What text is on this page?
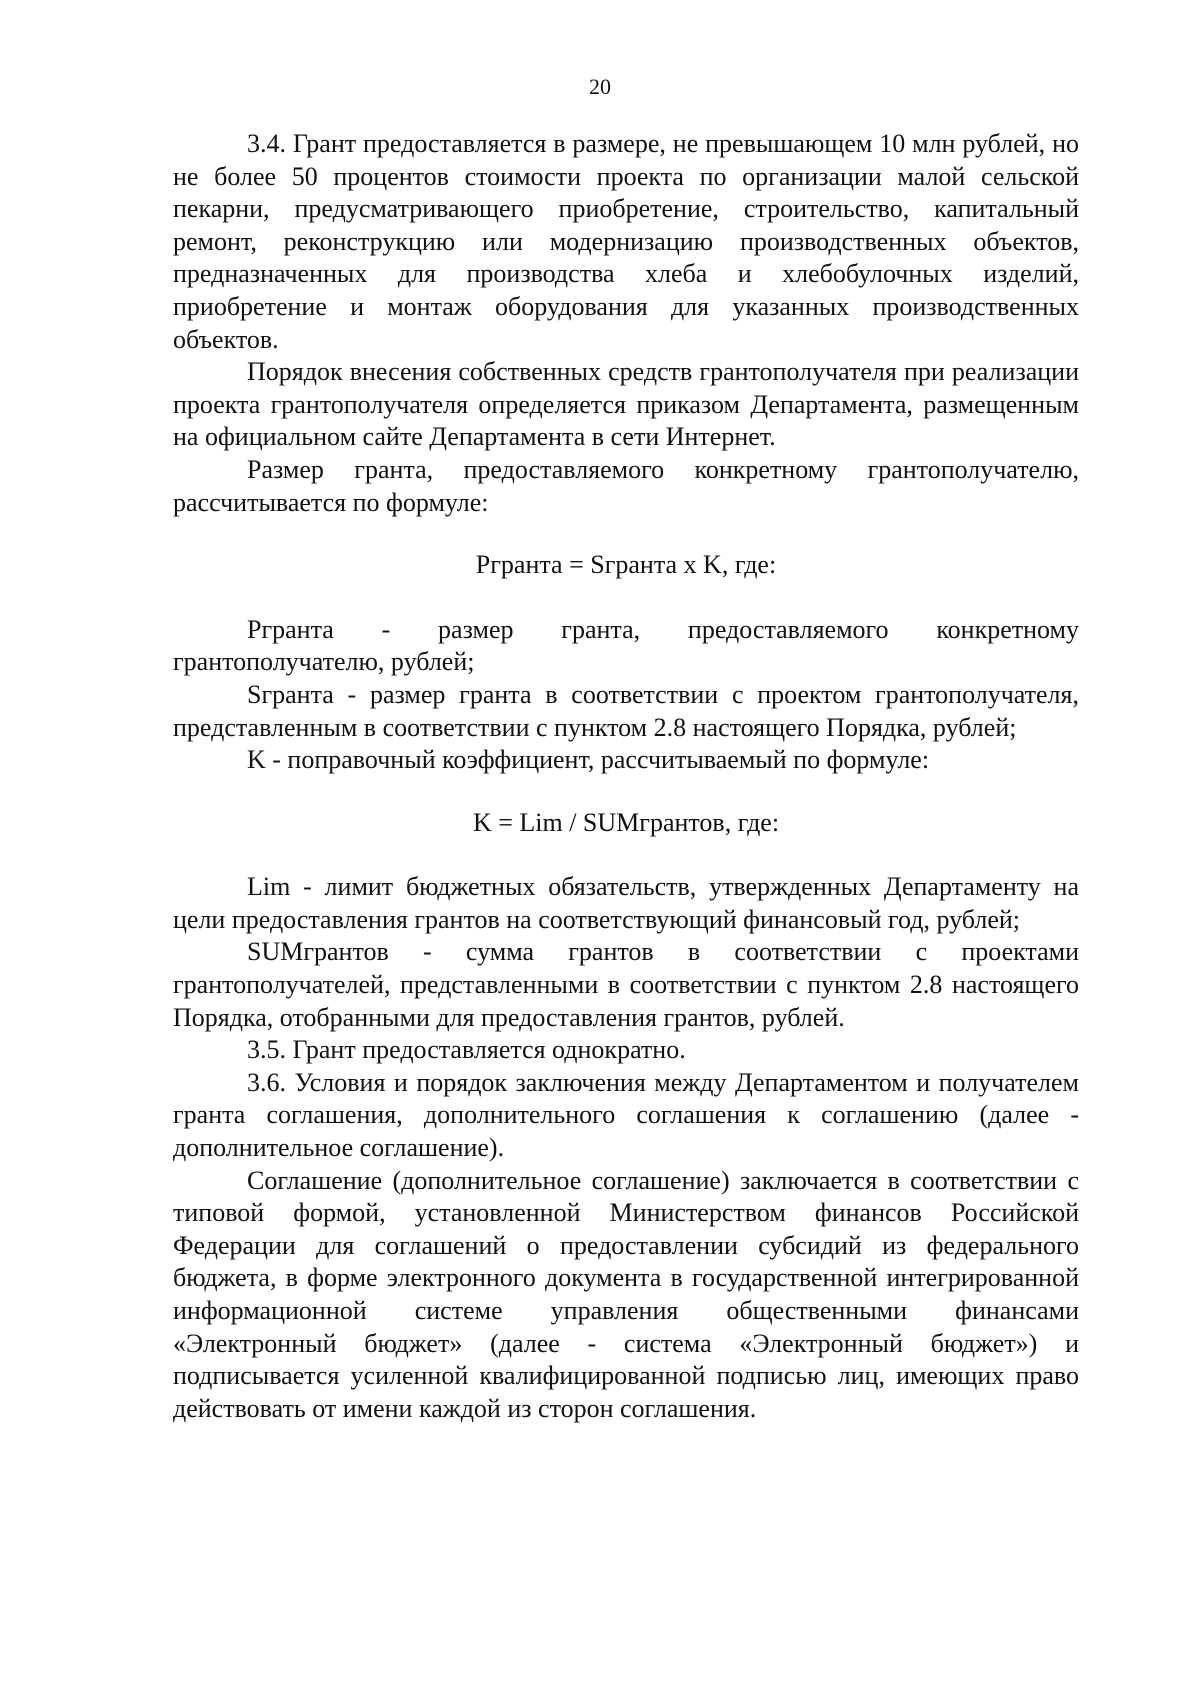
20

3.4. Грант предоставляется в размере, не превышающем 10 млн рублей, но не более 50 процентов стоимости проекта по организации малой сельской пекарни, предусматривающего приобретение, строительство, капитальный ремонт, реконструкцию или модернизацию производственных объектов, предназначенных для производства хлеба и хлебобулочных изделий, приобретение и монтаж оборудования для указанных производственных объектов.

Порядок внесения собственных средств грантополучателя при реализации проекта грантополучателя определяется приказом Департамента, размещенным на официальном сайте Департамента в сети Интернет.

Размер гранта, предоставляемого конкретному грантополучателю, рассчитывается по формуле:

Pгранта = Sгранта x K, где:

Pгранта - размер гранта, предоставляемого конкретному грантополучателю, рублей;

Sгранта - размер гранта в соответствии с проектом грантополучателя, представленным в соответствии с пунктом 2.8 настоящего Порядка, рублей;

K - поправочный коэффициент, рассчитываемый по формуле:

K = Lim / SUMгрантов, где:

Lim - лимит бюджетных обязательств, утвержденных Департаменту на цели предоставления грантов на соответствующий финансовый год, рублей;

SUMгрантов - сумма грантов в соответствии с проектами грантополучателей, представленными в соответствии с пунктом 2.8 настоящего Порядка, отобранными для предоставления грантов, рублей.

3.5. Грант предоставляется однократно.

3.6. Условия и порядок заключения между Департаментом и получателем гранта соглашения, дополнительного соглашения к соглашению (далее - дополнительное соглашение).

Соглашение (дополнительное соглашение) заключается в соответствии с типовой формой, установленной Министерством финансов Российской Федерации для соглашений о предоставлении субсидий из федерального бюджета, в форме электронного документа в государственной интегрированной информационной системе управления общественными финансами «Электронный бюджет» (далее - система «Электронный бюджет») и подписывается усиленной квалифицированной подписью лиц, имеющих право действовать от имени каждой из сторон соглашения.
